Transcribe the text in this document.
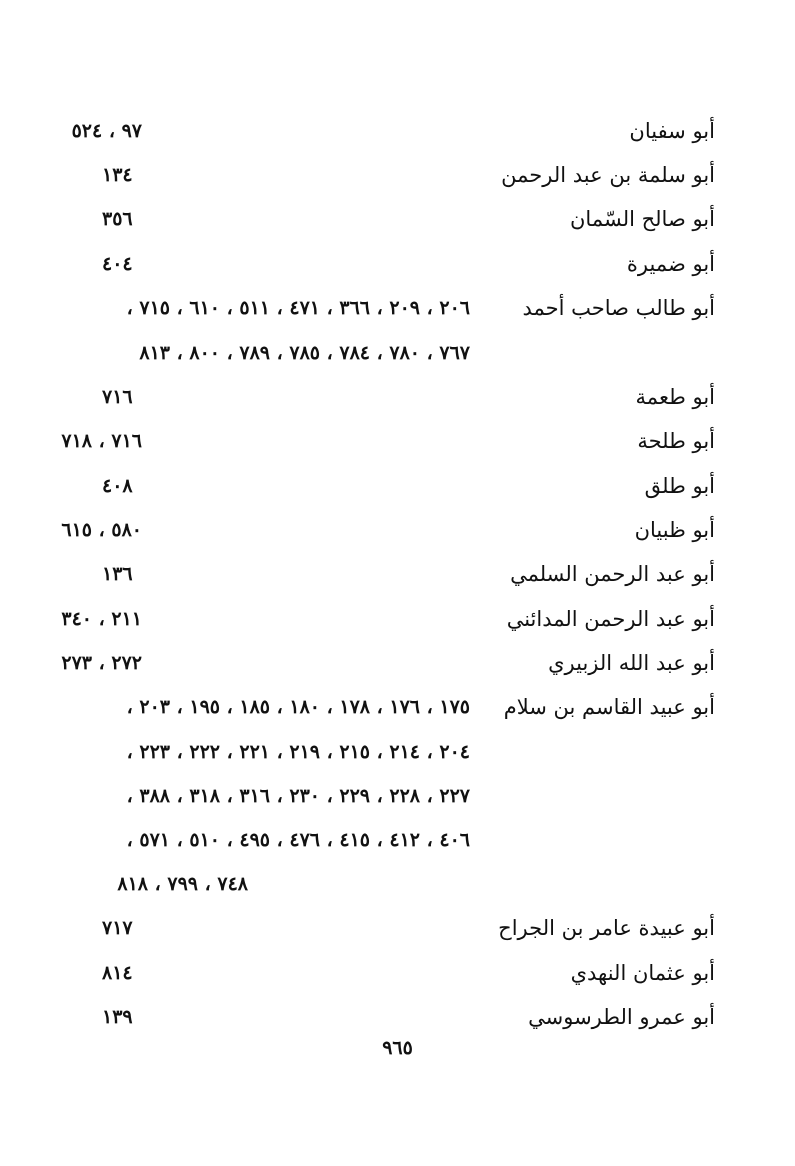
أبو سفيان
٩٧ ، ٥٢٤
أبو سلمة بن عبد الرحمن
١٣٤
أبو صالح السّمان
٣٥٦
أبو ضميرة
٤٠٤
أبو طالب صاحب أحمد
٢٠٦ ، ٢٠٩ ، ٣٦٦ ، ٤٧١ ، ٥١١ ، ٦١٠ ، ٧١٥ ،
٧٦٧ ، ٧٨٠ ، ٧٨٤ ، ٧٨٥ ، ٧٨٩ ، ٨٠٠ ، ٨١٣
أبو طعمة
٧١٦
أبو طلحة
٧١٦ ، ٧١٨
أبو طلق
٤٠٨
أبو ظبيان
٥٨٠ ، ٦١٥
أبو عبد الرحمن السلمي
١٣٦
أبو عبد الرحمن المدائني
٢١١ ، ٣٤٠
أبو عبد الله الزبيري
٢٧٢ ، ٢٧٣
أبو عبيد القاسم بن سلام
١٧٥ ، ١٧٦ ، ١٧٨ ، ١٨٠ ، ١٨٥ ، ١٩٥ ، ٢٠٣ ،
٢٠٤ ، ٢١٤ ، ٢١٥ ، ٢١٩ ، ٢٢١ ، ٢٢٢ ، ٢٢٣ ،
٢٢٧ ، ٢٢٨ ، ٢٢٩ ، ٢٣٠ ، ٣١٦ ، ٣١٨ ، ٣٨٨ ،
٤٠٦ ، ٤١٢ ، ٤١٥ ، ٤٧٦ ، ٤٩٥ ، ٥١٠ ، ٥٧١ ،
٧٤٨ ، ٧٩٩ ، ٨١٨
أبو عبيدة عامر بن الجراح
٧١٧
أبو عثمان النهدي
٨١٤
أبو عمرو الطرسوسي
١٣٩
٩٦٥
